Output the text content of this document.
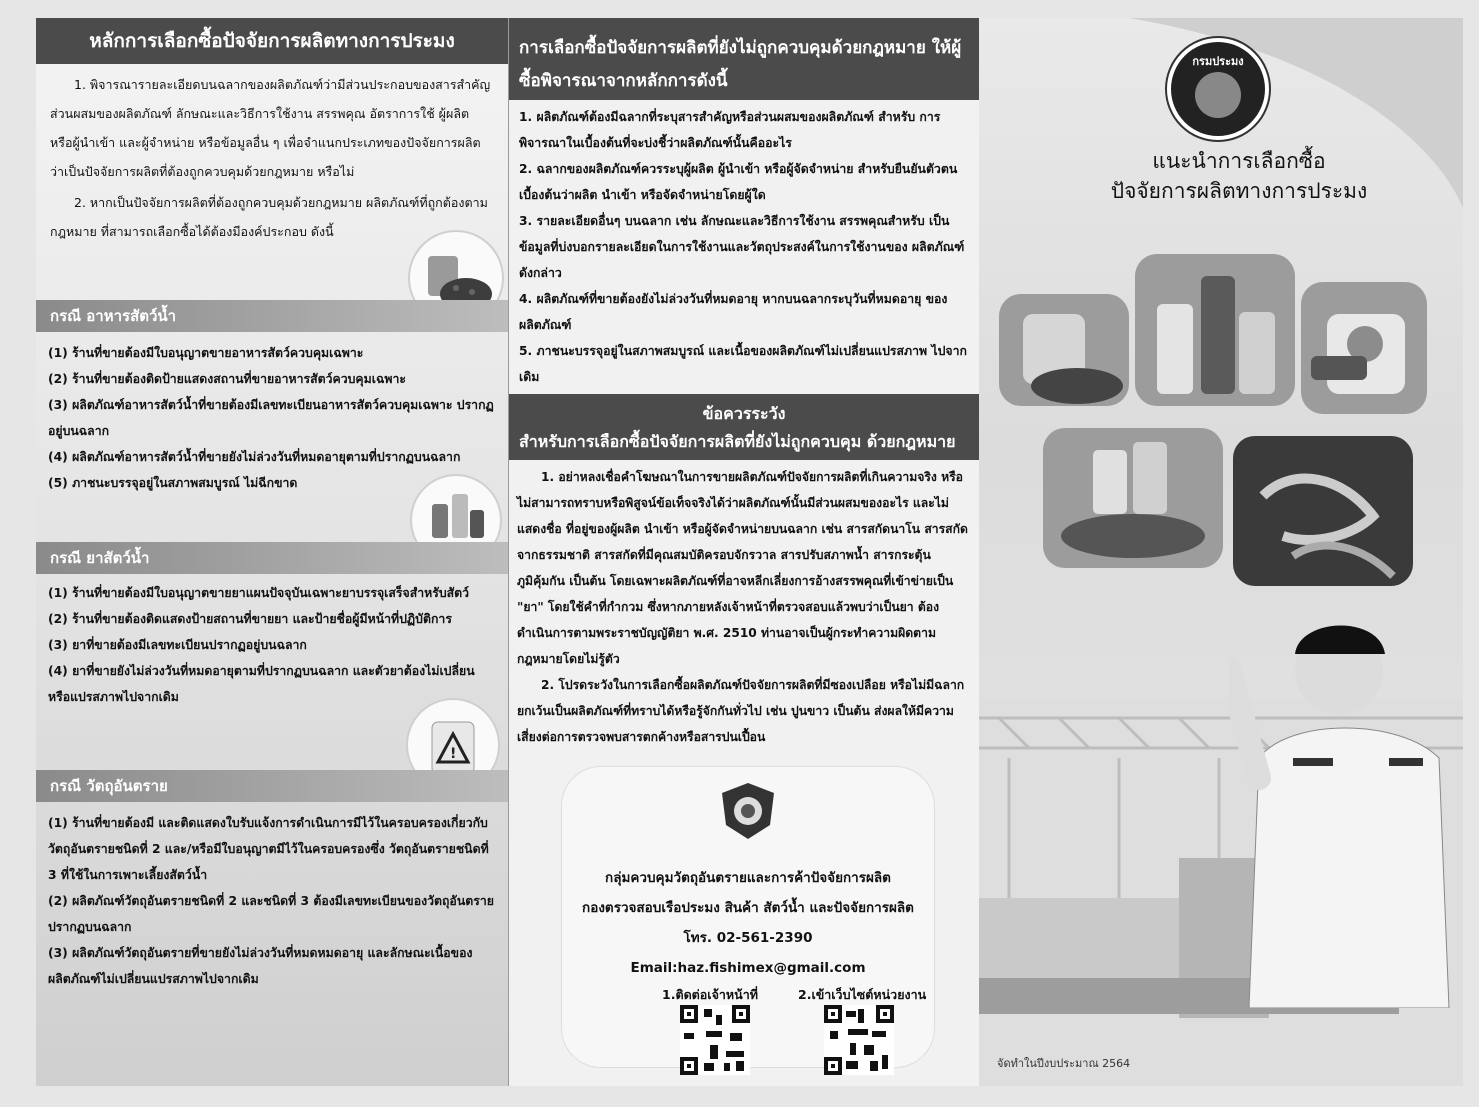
หลักการเลือกซื้อปัจจัยการผลิตทางการประมง
1. พิจารณารายละเอียดบนฉลากของผลิตภัณฑ์ว่ามีส่วนประกอบของสารสำคัญ ส่วนผสมของผลิตภัณฑ์ ลักษณะและวิธีการใช้งาน สรรพคุณ อัตราการใช้ ผู้ผลิต หรือผู้นำเข้า และผู้จำหน่าย หรือข้อมูลอื่น ๆ เพื่อจำแนกประเภทของปัจจัยการผลิต ว่าเป็นปัจจัยการผลิตที่ต้องถูกควบคุมด้วยกฎหมาย หรือไม่
2. หากเป็นปัจจัยการผลิตที่ต้องถูกควบคุมด้วยกฎหมาย ผลิตภัณฑ์ที่ถูกต้องตามกฎหมาย ที่สามารถเลือกซื้อได้ต้องมีองค์ประกอบ ดังนี้
กรณี อาหารสัตว์น้ำ
(1) ร้านที่ขายต้องมีใบอนุญาตขายอาหารสัตว์ควบคุมเฉพาะ
(2) ร้านที่ขายต้องติดป้ายแสดงสถานที่ขายอาหารสัตว์ควบคุมเฉพาะ
(3) ผลิตภัณฑ์อาหารสัตว์น้ำที่ขายต้องมีเลขทะเบียนอาหารสัตว์ควบคุมเฉพาะ ปรากฏอยู่บนฉลาก
(4) ผลิตภัณฑ์อาหารสัตว์น้ำที่ขายยังไม่ล่วงวันที่หมดอายุตามที่ปรากฏบนฉลาก
(5) ภาชนะบรรจุอยู่ในสภาพสมบูรณ์ ไม่ฉีกขาด
กรณี ยาสัตว์น้ำ
(1) ร้านที่ขายต้องมีใบอนุญาตขายยาแผนปัจจุบันเฉพาะยาบรรจุเสร็จสำหรับสัตว์
(2) ร้านที่ขายต้องติดแสดงป้ายสถานที่ขายยา และป้ายชื่อผู้มีหน้าที่ปฏิบัติการ
(3) ยาที่ขายต้องมีเลขทะเบียนปรากฏอยู่บนฉลาก
(4) ยาที่ขายยังไม่ล่วงวันที่หมดอายุตามที่ปรากฏบนฉลาก และตัวยาต้องไม่เปลี่ยน หรือแปรสภาพไปจากเดิม
!
กรณี วัตถุอันตราย
(1) ร้านที่ขายต้องมี และติดแสดงใบรับแจ้งการดำเนินการมีไว้ในครอบครองเกี่ยวกับ วัตถุอันตรายชนิดที่ 2 และ/หรือมีใบอนุญาตมีไว้ในครอบครองซึ่ง วัตถุอันตรายชนิดที่ 3 ที่ใช้ในการเพาะเลี้ยงสัตว์น้ำ
(2) ผลิตภัณฑ์วัตถุอันตรายชนิดที่ 2 และชนิดที่ 3 ต้องมีเลขทะเบียนของวัตถุอันตราย ปรากฏบนฉลาก
(3) ผลิตภัณฑ์วัตถุอันตรายที่ขายยังไม่ล่วงวันที่หมดหมดอายุ และลักษณะเนื้อของ ผลิตภัณฑ์ไม่เปลี่ยนแปรสภาพไปจากเดิม
การเลือกซื้อปัจจัยการผลิตที่ยังไม่ถูกควบคุมด้วยกฎหมาย ให้ผู้ซื้อพิจารณาจากหลักการดังนี้
1. ผลิตภัณฑ์ต้องมีฉลากที่ระบุสารสำคัญหรือส่วนผสมของผลิตภัณฑ์ สำหรับ การพิจารณาในเบื้องต้นที่จะบ่งชี้ว่าผลิตภัณฑ์นั้นคืออะไร
2. ฉลากของผลิตภัณฑ์ควรระบุผู้ผลิต ผู้นำเข้า หรือผู้จัดจำหน่าย สำหรับยืนยันตัวตน เบื้องต้นว่าผลิต นำเข้า หรือจัดจำหน่ายโดยผู้ใด
3. รายละเอียดอื่นๆ บนฉลาก เช่น ลักษณะและวิธีการใช้งาน สรรพคุณสำหรับ เป็นข้อมูลที่บ่งบอกรายละเอียดในการใช้งานและวัตถุประสงค์ในการใช้งานของ ผลิตภัณฑ์ดังกล่าว
4. ผลิตภัณฑ์ที่ขายต้องยังไม่ล่วงวันที่หมดอายุ หากบนฉลากระบุวันที่หมดอายุ ของผลิตภัณฑ์
5. ภาชนะบรรจุอยู่ในสภาพสมบูรณ์ และเนื้อของผลิตภัณฑ์ไม่เปลี่ยนแปรสภาพ ไปจากเดิม
ข้อควรระวัง
สำหรับการเลือกซื้อปัจจัยการผลิตที่ยังไม่ถูกควบคุม ด้วยกฎหมาย
1. อย่าหลงเชื่อคำโฆษณาในการขายผลิตภัณฑ์ปัจจัยการผลิตที่เกินความจริง หรือไม่สามารถทราบหรือพิสูจน์ข้อเท็จจริงได้ว่าผลิตภัณฑ์นั้นมีส่วนผสมของอะไร และไม่แสดงชื่อ ที่อยู่ของผู้ผลิต นำเข้า หรือผู้จัดจำหน่ายบนฉลาก เช่น สารสกัดนาโน สารสกัดจากธรรมชาติ สารสกัดที่มีคุณสมบัติครอบจักรวาล สารปรับสภาพน้ำ สารกระตุ้นภูมิคุ้มกัน เป็นต้น โดยเฉพาะผลิตภัณฑ์ที่อาจหลีกเลี่ยงการอ้างสรรพคุณที่เข้าข่ายเป็น "ยา" โดยใช้คำที่กำกวม ซึ่งหากภายหลังเจ้าหน้าที่ตรวจสอบแล้วพบว่าเป็นยา ต้องดำเนินการตามพระราชบัญญัติยา พ.ศ. 2510 ท่านอาจเป็นผู้กระทำความผิดตามกฎหมายโดยไม่รู้ตัว
2. โปรดระวังในการเลือกซื้อผลิตภัณฑ์ปัจจัยการผลิตที่มีซองเปลือย หรือไม่มีฉลาก ยกเว้นเป็นผลิตภัณฑ์ที่ทราบได้หรือรู้จักกันทั่วไป เช่น ปูนขาว เป็นต้น ส่งผลให้มีความเสี่ยงต่อการตรวจพบสารตกค้างหรือสารปนเปื้อน
กลุ่มควบคุมวัตถุอันตรายและการค้าปัจจัยการผลิต
กองตรวจสอบเรือประมง สินค้า สัตว์น้ำ และปัจจัยการผลิต
โทร. 02-561-2390
Email:haz.fishimex@gmail.com
1.ติดต่อเจ้าหน้าที่	2.เข้าเว็บไซต์หน่วยงาน
กรมประมง
แนะนำการเลือกซื้อ
ปัจจัยการผลิตทางการประมง
จัดทำในปีงบประมาณ 2564
